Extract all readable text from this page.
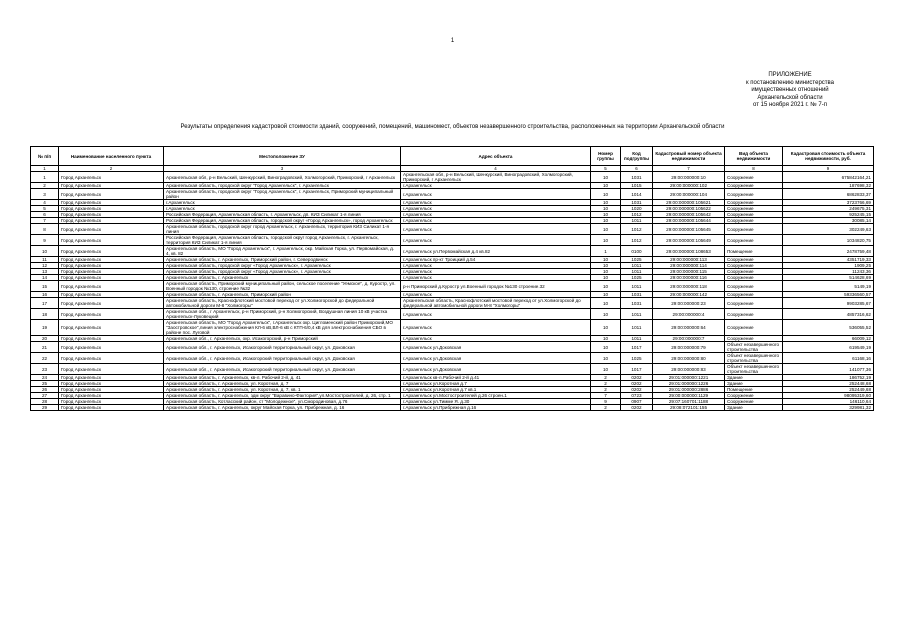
1
ПРИЛОЖЕНИЕ
к постановлению министерства
имущественных отношений
Архангельской области
от 15 ноября 2021 г. № 7-п
Результаты определения кадастровой стоимости зданий, сооружений, помещений, машиномест, объектов незавершенного строительства, расположенных на территории Архангельской области
№ п/п	Наименование населенного пункта	Местоположение ЗУ	Адрес объекта	Номер группы	Код подгруппы	Кадастровый номер объекта недвижимости	Вид объекта недвижимости	Кадастровая стоимость объекта недвижимости, руб.
1	2	3	4	5	6	7	8	9
1	Город Архангельск	Архангельская обл, р-н Вельский, Шенкурский, Виноградовский, Холмогорский, Приморский, г Архангельск	Архангельская обл, р-н Вельский, Шенкурский, Виноградовский, Холмогорский, Приморский, г Архангельск	10	1031	29:00:000000:10	Сооружение	675842164,21
2	Город Архангельск	Архангельская область, городской округ "Город Архангельск", г. Архангельск	г.Архангельск	10	1015	29:00:000000:102	Сооружение	187698,32
3	Город Архангельск	Архангельская область, городской округ "Город Архангельск", г. Архангельск, Приморский муниципальный район	г.Архангельск	10	1014	29:00:000000:104	Сооружение	6862833,37
4	Город Архангельск	г.Архангельск	г.Архангельск	10	1031	29:00:000000:105621	Сооружение	3723766,69
5	Город Архангельск	г.Архангельск	г.Архангельск	10	1020	29:00:000000:105622	Сооружение	249675,31
6	Город Архангельск	Российская Федерация, Архангельская область, г. Архангельск, дп. КИЗ Силикат 1-я линия	г.Архангельск	10	1012	29:00:000000:105642	Сооружение	925245,15
7	Город Архангельск	Российская Федерация, Архангельская область, городской округ «Город Архангельск», город Архангельск	г.Архангельск	10	1011	29:00:000000:105644	Сооружение	30085,14
8	Город Архангельск	Архангельская область, городской округ город Архангельск, г. Архангельск, территория КИЗ Силикат 1-я линия	г.Архангельск	10	1012	29:00:000000:105645	Сооружение	302249,63
9	Город Архангельск	Российская Федерация, Архангельская область, городской округ город Архангельск, г. Архангельск, территория КИЗ Силикат 1-я линия	г.Архангельск	10	1012	29:00:000000:105649	Сооружение	1034820,75
10	Город Архангельск	Архангельская область, МО "Город Архангельск", г. Архангельск, окр. Майская Горка, ул. Первомайская, д. 4, кв. 82	г.Архангельск ул.Первомайская д.4 кв.82	1	0100	29:00:000000:108653	Помещение	2478759,48
11	Город Архангельск	Архангельская область, г. Архангельск, Приморский район, г. Северодвинск	г.Архангельск пр-кт Троицкий д.54	10	1025	29:00:000000:113	Сооружение	4351719,33
12	Город Архангельск	Архангельская область, городской округ «Город Архангельск», г. Архангельск	г.Архангельск	10	1011	29:00:000000:114	Сооружение	1909,25
13	Город Архангельск	Архангельская область, городской округ «Город Архангельск», г. Архангельск	г.Архангельск	10	1011	29:00:000000:115	Сооружение	11243,36
14	Город Архангельск	Архангельская область, г. Архангельск	г.Архангельск	10	1025	29:00:000000:116	Сооружение	514628,69
15	Город Архангельск	Архангельская область, Приморский муниципальный район, сельское поселение "Уемское", д. Куростр, ул. Военный городок №130, строение №32	р-н Приморский д.Куростр ул.Военный городок №130 строение.32	10	1011	29:00:000000:118	Сооружение	5149,19
16	Город Архангельск	Архангельская область, г. Архангельск, Приморский район	г.Архангельск	10	1031	29:00:000000:142	Сооружение	59336560,57
17	Город Архангельск	Архангельская область, Краснофлотский мостовой переход от ул.Холмогорской до федеральной автомобильной дороги М-8 "Холмогоры"	Архангельская область, Краснофлотский мостовой переход от ул.Холмогорской до федеральной автомобильной дороги М-8 "Холмогоры"	10	1031	29:00:000000:23	Сооружение	9903285,67
18	Город Архангельск	Архангельская обл., г Архангельск, р-н Приморский, р-н Холмогорский, Воздушная линия 10 кВ участка Архангельск-Луковецкий	г.Архангельск	10	1011	29:00:000000:4	Сооружение	4857316,62
19	Город Архангельск	Архангельская область, МО "Город Архангельск", г.Архангельск окр. Цигломенский район Приморский,МО "Заостровское",линия электроснабжения КЛ-6 кВ,ВЛ-6 кВ с КТП-6/0,4 кВ для электроснабжения СБО в районе пос. Луговой	г.Архангельск	10	1011	29:00:000000:64	Сооружение	536055,52
20	Город Архангельск	Архангельская обл., г. Архангельск, окр. Исакогорский, р-н Приморский	г.Архангельск	10	1011	29:00:000000:7	Сооружение	66009,12
21	Город Архангельск	Архангельская обл., г. Архангельск, Исакогорский территориальный округ, ул. Доковская	г.Архангельск ул.Доковская	10	1017	29:00:000000:79	Объект незавершенного строительства	619549,19
22	Город Архангельск	Архангельская обл., г. Архангельск, Исакогорский территориальный округ, ул. Доковская	г.Архангельск ул.Доковская	10	1025	29:00:000000:80	Объект незавершенного строительства	61168,16
23	Город Архангельск	Архангельская обл., г. Архангельск, Исакогорский территориальный округ, ул. Доковская	г.Архангельск ул.Доковская	10	1017	29:00:000000:83	Объект незавершенного строительства	141077,36
24	Город Архангельск	Архангельская область, г. Архангельск, кв-л. Рабочий 2-й, д. 41	г.Архангельск кв-л.Рабочий 2-й д.41	2	0202	29:01:000000:1221	Здание	186752,19
25	Город Архангельск	Архангельская область, г. Архангельск, ул. Коротная, д. 7	г.Архангельск ул.Коротная д.7	2	0202	29:01:000000:1226	Здание	252448,68
26	Город Архангельск	Архангельская область, г. Архангельск, ул. Коротная, д. 7, кв. 1	г.Архангельск ул.Коротная д.7 кв.1	2	0202	29:01:000000:2886	Помещение	252449,68
27	Город Архангельск	Архангельская область, г. Архангельск, здм округ "Варавино-Фактория",ул.Мостостроителей, д. 26, стр. 1	г.Архангельск ул.Мостостроителей д.26 строен.1	7	0723	29:00:000000:1129	Сооружение	98095319,60
28	Город Архангельск	Архангельская область, Котласский район, ст "Молодежное", ул.Смородиновая, д.76	г.Архангельск ул.Тимме Я. д.30	9	0907	29:07:160701:1188	Сооружение	146110,64
29	Город Архангельск	Архангельская область, г. Архангельск, округ Майская Горка, ул. Прибрежная, д. 16	г.Архангельск ул.Прибрежная д.16	2	0202	29:08:072101:155	Здание	329981,32
